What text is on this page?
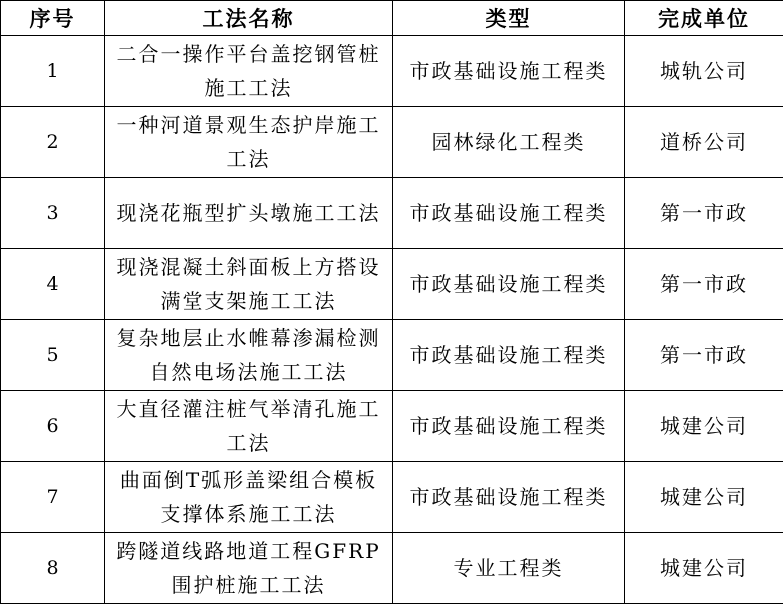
序号	工法名称	类型	完成单位
1	二合一操作平台盖挖钢管桩施工工法	市政基础设施工程类	城轨公司
2	一种河道景观生态护岸施工工法	园林绿化工程类	道桥公司
3	现浇花瓶型扩头墩施工工法	市政基础设施工程类	第一市政
4	现浇混凝土斜面板上方搭设满堂支架施工工法	市政基础设施工程类	第一市政
5	复杂地层止水帷幕渗漏检测自然电场法施工工法	市政基础设施工程类	第一市政
6	大直径灌注桩气举清孔施工工法	市政基础设施工程类	城建公司
7	曲面倒T弧形盖梁组合模板支撑体系施工工法	市政基础设施工程类	城建公司
8	跨隧道线路地道工程GFRP围护桩施工工法	专业工程类	城建公司
